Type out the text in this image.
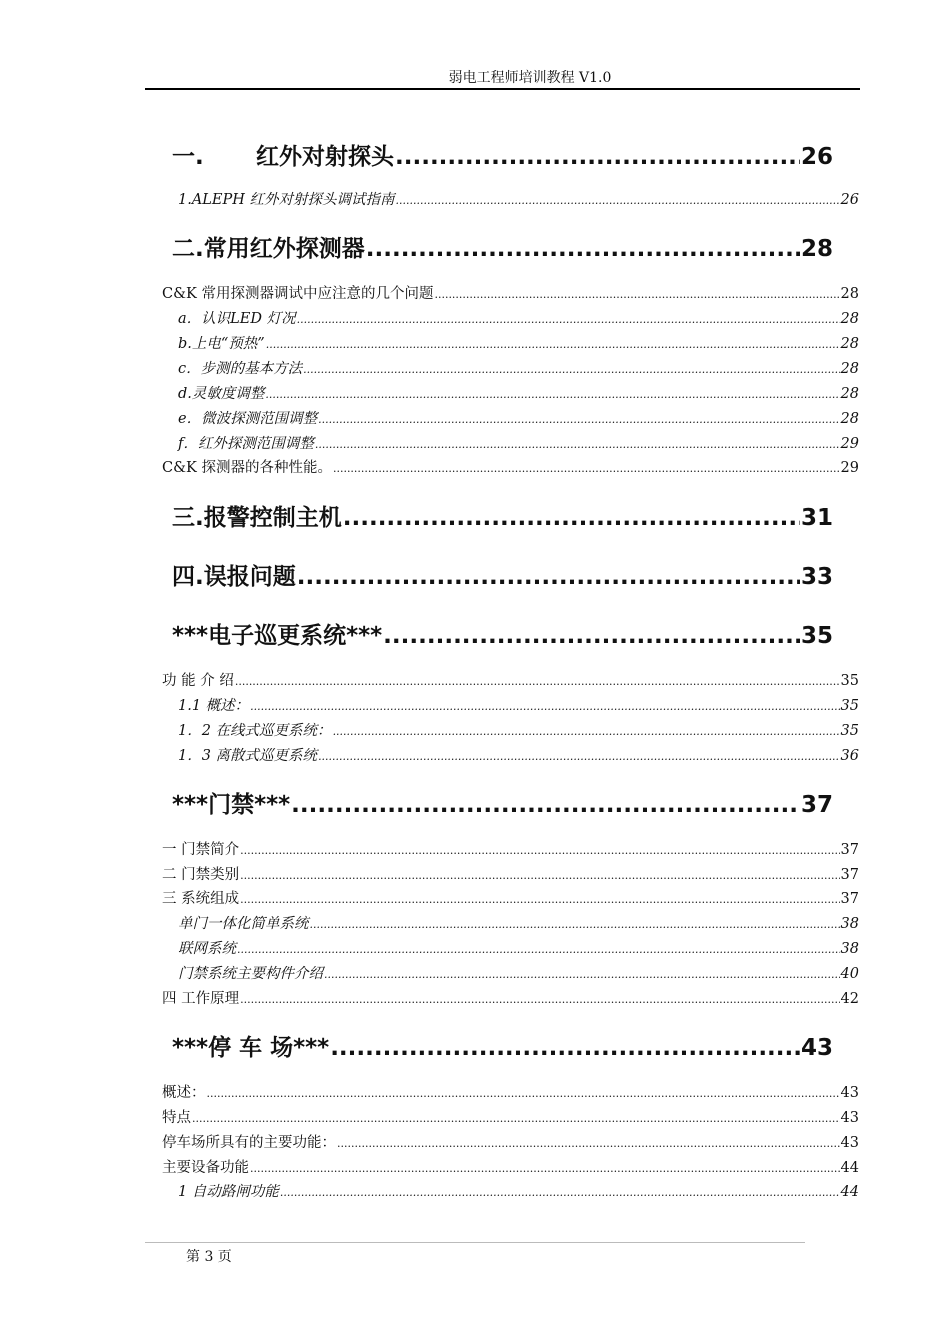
弱电工程师培训教程 V1.0
一. 红外对射探头 .....	26
1.ALEPH 红外对射探头调试指南 .....	26
二.常用红外探测器 .....	28
C&K 常用探测器调试中应注意的几个问题 .....	28
a．认识LED 灯况 .....	28
b.上电“预热” .....	28
c．步测的基本方法 .....	28
d.灵敏度调整 .....	28
e．微波探测范围调整 .....	28
f．红外探测范围调整 .....	29
C&K 探测器的各种性能。 .....	29
三.报警控制主机 .....	31
四.误报问题 .....	33
***电子巡更系统*** .....	35
功 能 介 绍 .....	35
1.1 概述： .....	35
1．2 在线式巡更系统： .....	35
1．3 离散式巡更系统 .....	36
***门禁*** .....	37
一 门禁简介 .....	37
二 门禁类别 .....	37
三 系统组成 .....	37
单门一体化简单系统 .....	38
联网系统 .....	38
门禁系统主要构件介绍 .....	40
四 工作原理 .....	42
***停 车 场*** .....	43
概述： .....	43
特点 .....	43
停车场所具有的主要功能： .....	43
主要设备功能 .....	44
1 自动路闸功能 .....	44
第 3 页
